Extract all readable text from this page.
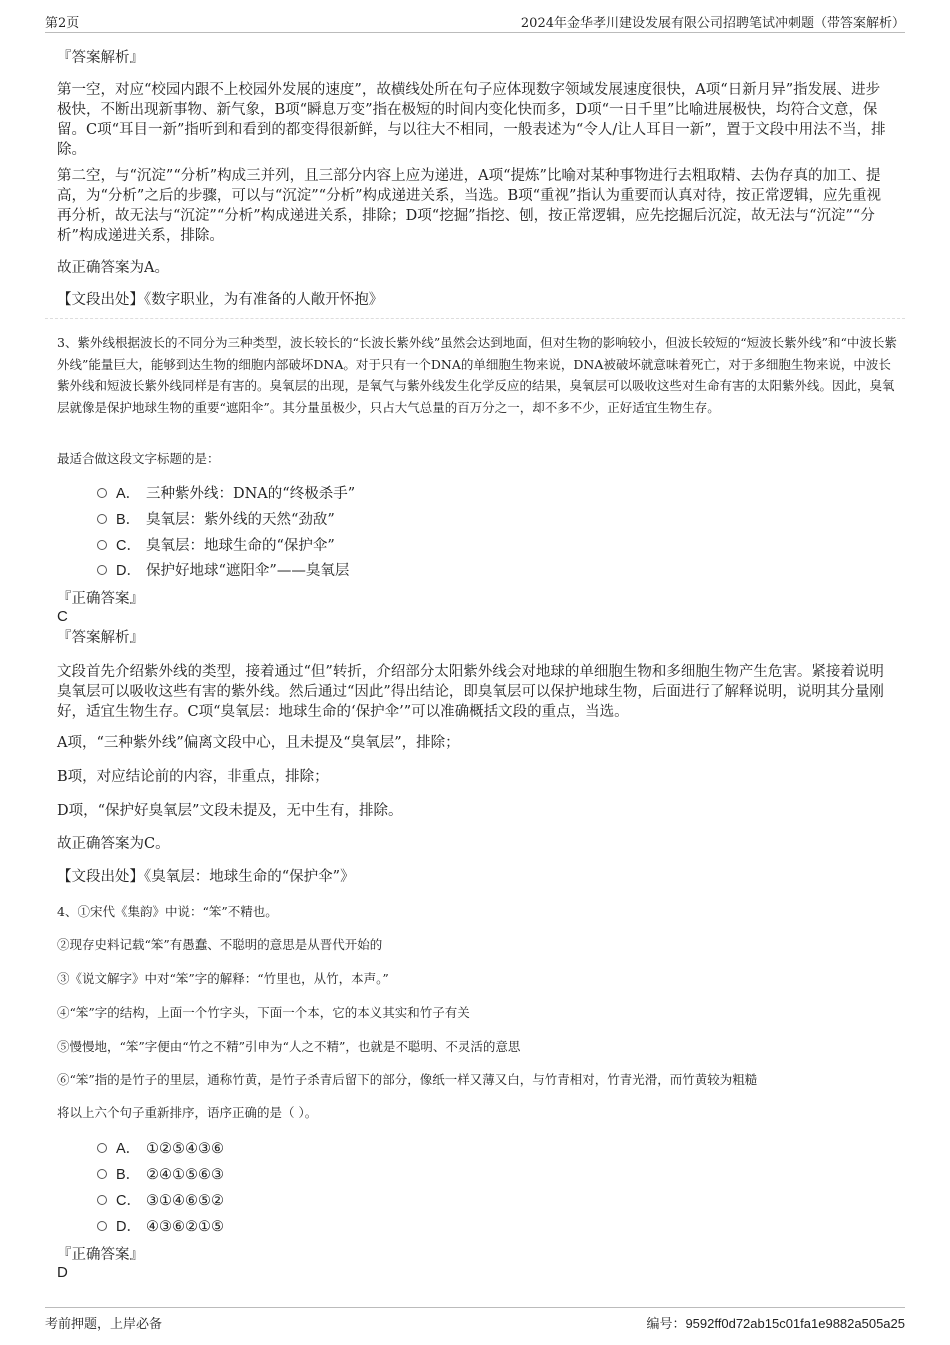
第2页	2024年金华孝川建设发展有限公司招聘笔试冲刺题（带答案解析）
『答案解析』
第一空，对应“校园内跟不上校园外发展的速度”，故横线处所在句子应体现数字领域发展速度很快，A项“日新月异”指发展、进步极快，不断出现新事物、新气象，B项“瞬息万变”指在极短的时间内变化快而多，D项“一日千里”比喻进展极快，均符合文意，保留。C项“耳目一新”指听到和看到的都变得很新鲜，与以往大不相同，一般表述为“令人/让人耳目一新”，置于文段中用法不当，排除。
第二空，与“沉淀”“分析”构成三并列，且三部分内容上应为递进，A项“提炼”比喻对某种事物进行去粗取精、去伪存真的加工、提高，为“分析”之后的步骤，可以与“沉淀”“分析”构成递进关系，当选。B项“重视”指认为重要而认真对待，按正常逻辑，应先重视再分析，故无法与“沉淀”“分析”构成递进关系，排除；D项“挖掘”指挖、刨，按正常逻辑，应先挖掘后沉淀，故无法与“沉淀”“分析”构成递进关系，排除。
故正确答案为A。
【文段出处】《数字职业，为有准备的人敞开怀抱》
3、紫外线根据波长的不同分为三种类型，波长较长的“长波长紫外线”虽然会达到地面，但对生物的影响较小，但波长较短的“短波长紫外线”和“中波长紫外线”能量巨大，能够到达生物的细胞内部破坏DNA。对于只有一个DNA的单细胞生物来说，DNA被破坏就意味着死亡，对于多细胞生物来说，中波长紫外线和短波长紫外线同样是有害的。臭氧层的出现，是氧气与紫外线发生化学反应的结果，臭氧层可以吸收这些对生命有害的太阳紫外线。因此，臭氧层就像是保护地球生物的重要“遮阳伞”。其分量虽极少，只占大气总量的百万分之一，却不多不少，正好适宜生物生存。
最适合做这段文字标题的是：
A． 三种紫外线：DNA的“终极杀手”
B． 臭氧层：紫外线的天然“劲敌”
C． 臭氧层：地球生命的“保护伞”
D． 保护好地球“遮阳伞”——臭氧层
『正确答案』
C
『答案解析』
文段首先介绍紫外线的类型，接着通过“但”转折，介绍部分太阳紫外线会对地球的单细胞生物和多细胞生物产生危害。紧接着说明臭氧层可以吸收这些有害的紫外线。然后通过“因此”得出结论，即臭氧层可以保护地球生物，后面进行了解释说明，说明其分量刚好，适宜生物生存。C项“臭氧层：地球生命的‘保护伞’”可以准确概括文段的重点，当选。
A项，“三种紫外线”偏离文段中心，且未提及“臭氧层”，排除；
B项，对应结论前的内容，非重点，排除；
D项，“保护好臭氧层”文段未提及，无中生有，排除。
故正确答案为C。
【文段出处】《臭氧层：地球生命的“保护伞”》
4、①宋代《集韵》中说：“笨”不精也。
②现存史料记载“笨”有愚蠢、不聪明的意思是从晋代开始的
③《说文解字》中对“笨”字的解释：“竹里也，从竹，本声。”
④“笨”字的结构，上面一个竹字头，下面一个本，它的本义其实和竹子有关
⑤慢慢地，“笨”字便由“竹之不精”引申为“人之不精”，也就是不聪明、不灵活的意思
⑥“笨”指的是竹子的里层，通称竹黄，是竹子杀青后留下的部分，像纸一样又薄又白，与竹青相对，竹青光滑，而竹黄较为粗糙
将以上六个句子重新排序，语序正确的是（ ）。
A． ①②⑤④③⑥
B． ②④①⑤⑥③
C． ③①④⑥⑤②
D． ④③⑥②①⑤
『正确答案』
D
考前押题，上岸必备	编号：9592ff0d72ab15c01fa1e9882a505a25
